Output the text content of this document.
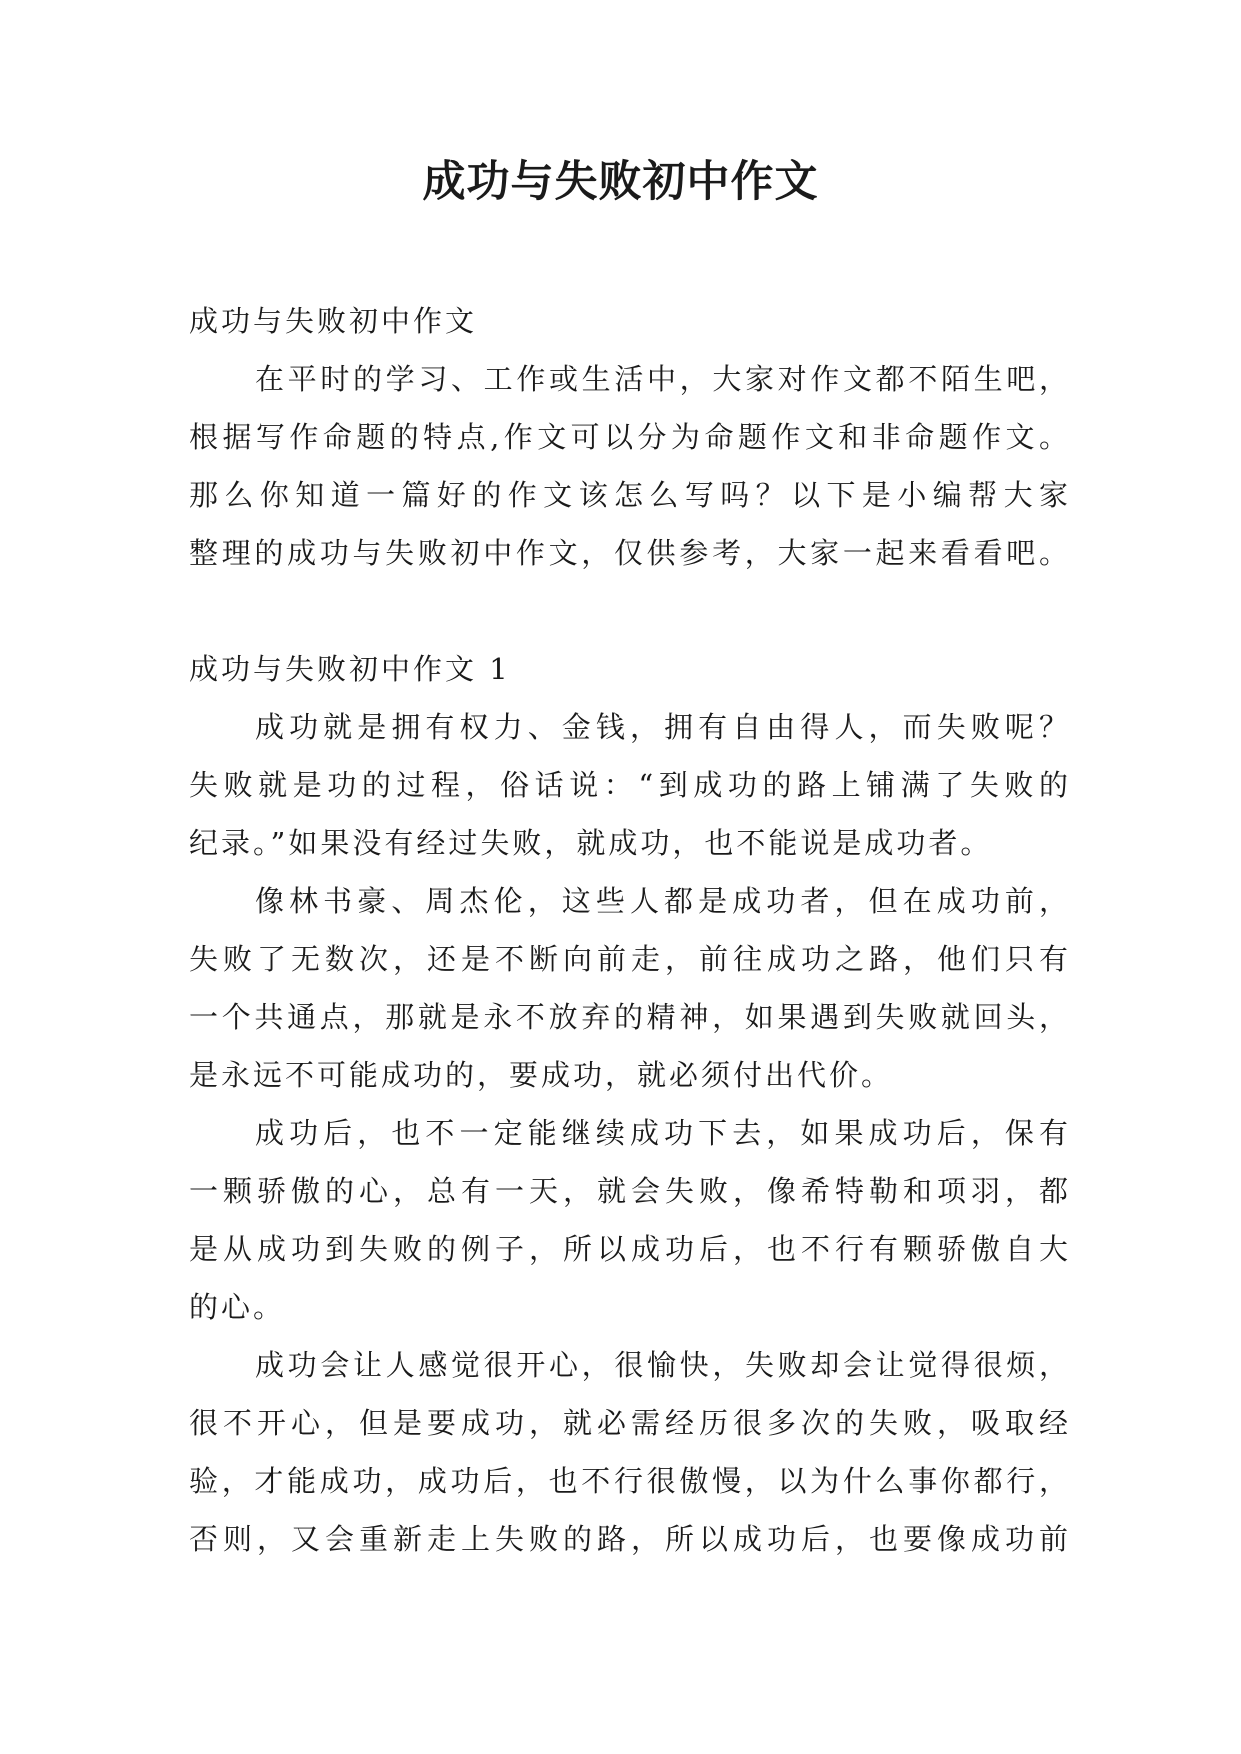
成功与失败初中作文
成功与失败初中作文
在平时的学习、工作或生活中，大家对作文都不陌生吧，
根据写作命题的特点,作文可以分为命题作文和非命题作文。
那么你知道一篇好的作文该怎么写吗？以下是小编帮大家
整理的成功与失败初中作文，仅供参考，大家一起来看看吧。
成功与失败初中作文 1
成功就是拥有权力、金钱，拥有自由得人，而失败呢？
失败就是功的过程，俗话说：“到成功的路上铺满了失败的
纪录。”如果没有经过失败，就成功，也不能说是成功者。
像林书豪、周杰伦，这些人都是成功者，但在成功前，
失败了无数次，还是不断向前走，前往成功之路，他们只有
一个共通点，那就是永不放弃的精神，如果遇到失败就回头，
是永远不可能成功的，要成功，就必须付出代价。
成功后，也不一定能继续成功下去，如果成功后，保有
一颗骄傲的心，总有一天，就会失败，像希特勒和项羽，都
是从成功到失败的例子，所以成功后，也不行有颗骄傲自大
的心。
成功会让人感觉很开心，很愉快，失败却会让觉得很烦，
很不开心，但是要成功，就必需经历很多次的失败，吸取经
验，才能成功，成功后，也不行很傲慢，以为什么事你都行，
否则，又会重新走上失败的路，所以成功后，也要像成功前
